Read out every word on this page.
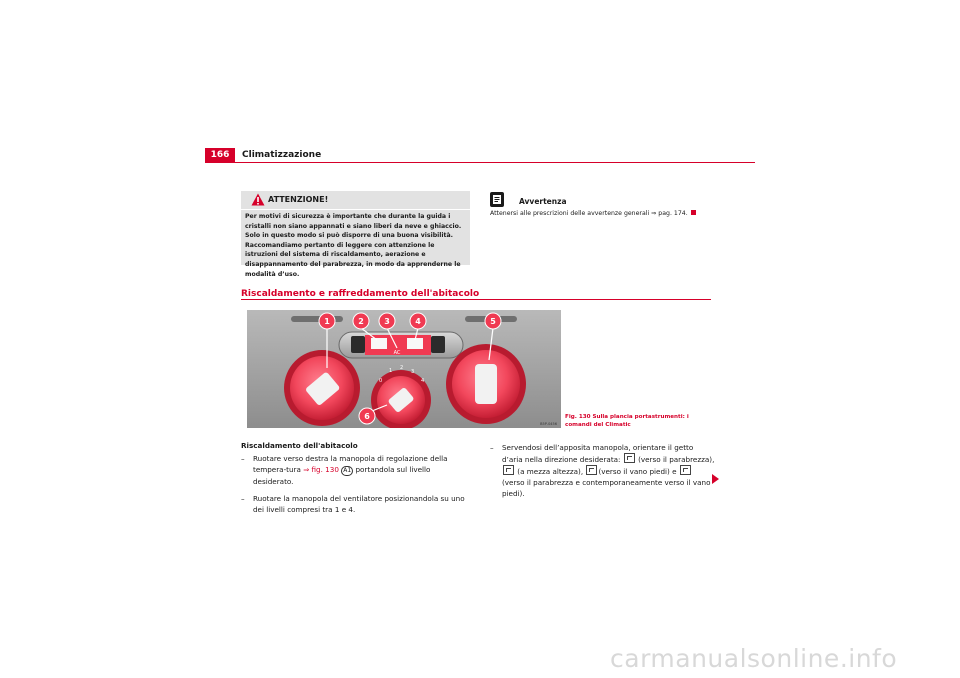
166	Climatizzazione
ATTENZIONE!
Per motivi di sicurezza è importante che durante la guida i cristalli non siano appannati e siano liberi da neve e ghiaccio. Solo in questo modo si può disporre di una buona visibilità. Raccomandiamo pertanto di leggere con attenzione le istruzioni del sistema di riscaldamento, aerazione e disappannamento del parabrezza, in modo da apprenderne le modalità d’uso.
Avvertenza
Attenersi alle prescrizioni delle avvertenze generali ⇒ pag. 174.
Riscaldamento e raffreddamento dell'abitacolo
AC
0
1 2
3
4
1	2	3	4	5
6
B5P-0456
Fig. 130 Sulla plancia portastrumenti: i comandi del Climatic
Riscaldamento dell'abitacolo
– Ruotare verso destra la manopola di regolazione della tempera-tura ⇒ fig. 130 A1 portandola sul livello desiderato.
– Ruotare la manopola del ventilatore posizionandola su uno dei livelli compresi tra 1 e 4.
– Servendosi dell’apposita manopola, orientare il getto d’aria nella direzione desiderata: (verso il parabrezza),  (a mezza altezza), (verso il vano piedi) e  (verso il parabrezza e contemporaneamente verso il vano piedi).
carmanualsonline.info
